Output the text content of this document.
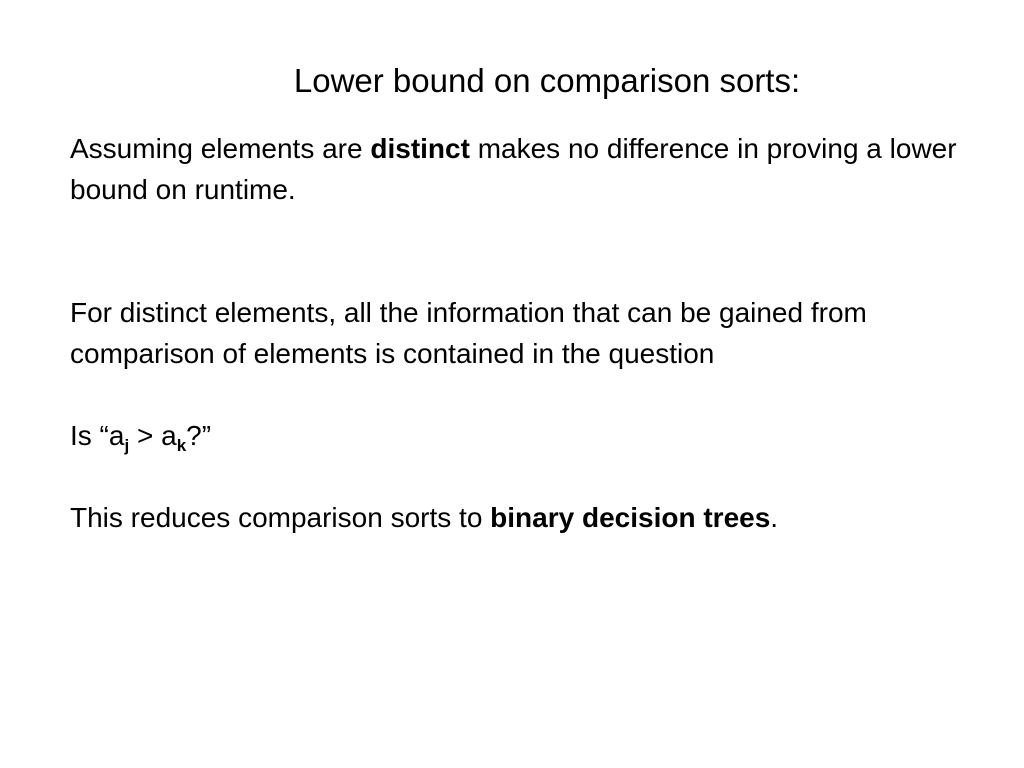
Lower bound on comparison sorts:

Assuming elements are distinct makes no difference in proving a lower bound on runtime.

For distinct elements, all the information that can be gained from comparison of elements is contained in the question

Is “$a_j > a_k$?”

This reduces comparison sorts to binary decision trees.
